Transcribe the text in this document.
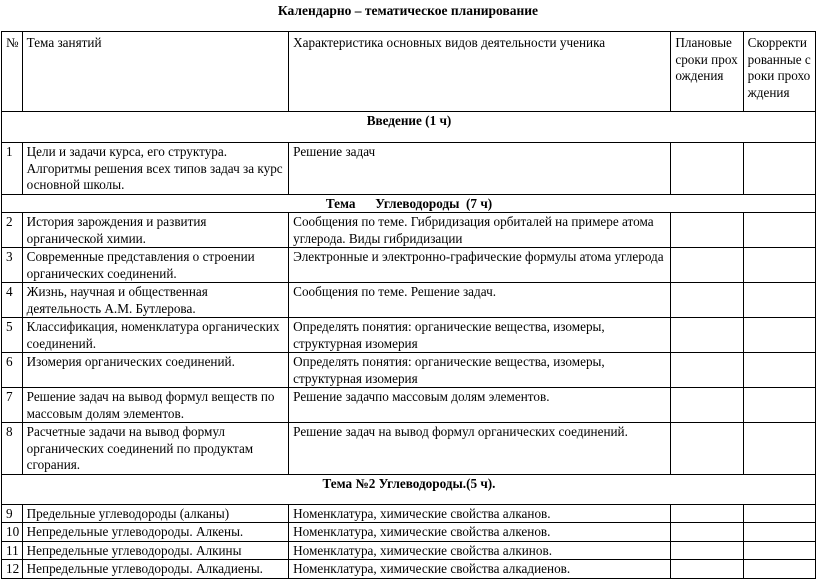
Календарно – тематическое планирование
№	Тема занятий	Характеристика основных видов деятельности ученика	Плановые сроки прохождения	Скорректированные сроки прохождения
Введение (1 ч)				
1	Цели и задачи курса, его структура. Алгоритмы решения всех типов задач за курс основной школы.	Решение задач		
Тема      Углеводороды  (7 ч)				
2	История зарождения и развития органической химии.	Сообщения по теме. Гибридизация орбиталей на примере атома углерода. Виды гибридизации		
3	Современные представления о строении органических соединений.	Электронные и электронно-графические формулы атома углерода		
4	Жизнь, научная и общественная деятельность А.М. Бутлерова.	Сообщения по теме. Решение задач.		
5	Классификация, номенклатура органических соединений.	Определять понятия: органические вещества, изомеры, структурная изомерия		
6	Изомерия органических соединений.	Определять понятия: органические вещества, изомеры, структурная изомерия		
7	Решение задач на вывод формул веществ по массовым долям элементов.	Решение задачпо массовым долям элементов.		
8	Расчетные задачи на вывод формул органических соединений по продуктам сгорания.	Решение задач на вывод формул органических соединений.		
Тема №2 Углеводороды.(5 ч).				
9	Предельные углеводороды (алканы)	Номенклатура, химические свойства алканов.		
10	Непредельные углеводороды. Алкены.	Номенклатура, химические свойства алкенов.		
11	Непредельные углеводороды. Алкины	Номенклатура, химические свойства алкинов.		
12	Непредельные углеводороды. Алкадиены.	Номенклатура, химические свойства алкадиенов.		
